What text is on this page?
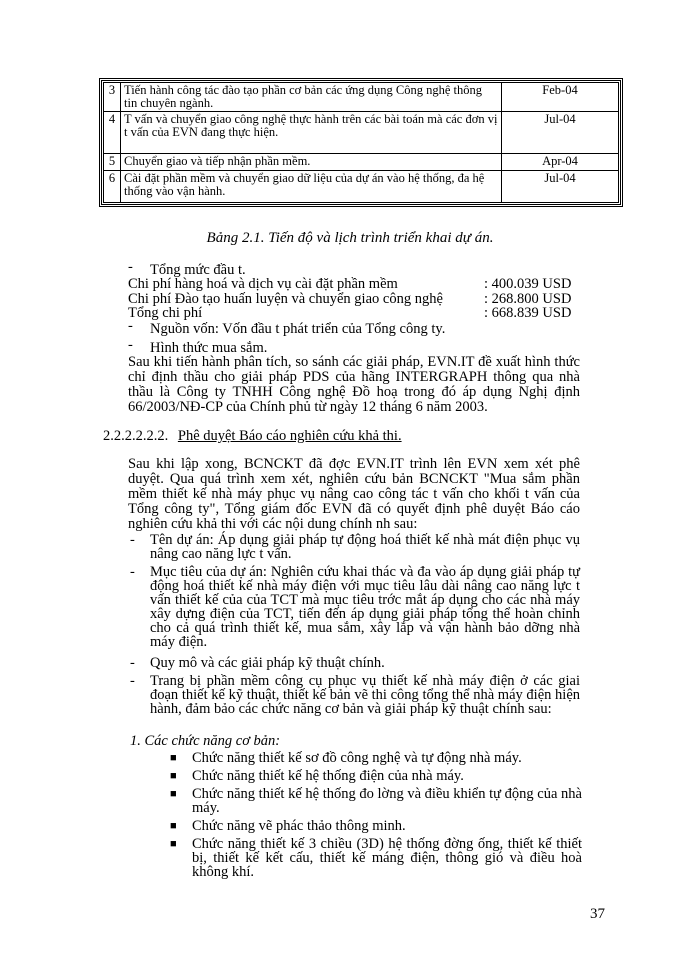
3	Tiến hành công tác đào tạo phần cơ bản các ứng dụng Công nghệ thông tin chuyên ngành.	Feb-04
4	T vấn và chuyển giao công nghệ thực hành trên các bài toán mà các đơn vị t vấn của EVN đang thực hiện.	Jul-04
5	Chuyển giao và tiếp nhận phần mềm.	Apr-04
6	Cài đặt phần mềm và chuyển giao dữ liệu của dự án vào hệ thống, đa hệ thống vào vận hành.	Jul-04
Bảng 2.1. Tiến độ và lịch trình triển khai dự án.
- Tổng mức đầu t.
Chi phí hàng hoá và dịch vụ cài đặt phần mềm	: 400.039 USD
Chi phí Đào tạo huấn luyện và chuyển giao công nghệ	: 268.800 USD
Tổng chi phí	: 668.839 USD
- Nguồn vốn: Vốn đầu t phát triển của Tổng công ty.
- Hình thức mua sắm.
Sau khi tiến hành phân tích, so sánh các giải pháp, EVN.IT đề xuất hình thức chỉ định thầu cho giải pháp PDS của hãng INTERGRAPH thông qua nhà thầu là Công ty TNHH Công nghệ Đồ hoạ trong đó áp dụng Nghị định 66/2003/NĐ-CP của Chính phủ từ ngày 12 tháng 6 năm 2003.
2.2.2.2.2.2. Phê duyệt Báo cáo nghiên cứu khả thi.
Sau khi lập xong, BCNCKT đã đợc EVN.IT trình lên EVN xem xét phê duyệt. Qua quá trình xem xét, nghiên cứu bản BCNCKT "Mua sắm phần mềm thiết kế nhà máy phục vụ nâng cao công tác t vấn cho khối t vấn của Tổng công ty", Tổng giám đốc EVN đã có quyết định phê duyệt Báo cáo nghiên cứu khả thi với các nội dung chính nh sau:
- Tên dự án: Áp dụng giải pháp tự động hoá thiết kế nhà mát điện phục vụ nâng cao năng lực t vấn.
- Mục tiêu của dự án: Nghiên cứu khai thác và đa vào áp dụng giải pháp tự động hoá thiết kế nhà máy điện với mục tiêu lâu dài nâng cao năng lực t vấn thiết kế của của TCT mà mục tiêu trớc mắt áp dụng cho các nhà máy xây dựng điện của TCT, tiến đến áp dụng giải pháp tổng thể hoàn chỉnh cho cả quá trình thiết kế, mua sắm, xây lắp và vận hành bảo dỡng nhà máy điện.
- Quy mô và các giải pháp kỹ thuật chính.
- Trang bị phần mềm công cụ phục vụ thiết kế nhà máy điện ở các giai đoạn thiết kế kỹ thuật, thiết kế bản vẽ thi công tổng thể nhà máy điện hiện hành, đảm bảo các chức năng cơ bản và giải pháp kỹ thuật chính sau:
1. Các chức năng cơ bản:
■ Chức năng thiết kế sơ đồ công nghệ và tự động nhà máy.
■ Chức năng thiết kế hệ thống điện của nhà máy.
■ Chức năng thiết kế hệ thống đo lờng và điều khiển tự động của nhà máy.
■ Chức năng vẽ phác thảo thông minh.
■ Chức năng thiết kế 3 chiều (3D) hệ thống đờng ống, thiết kế thiết bị, thiết kế kết cấu, thiết kế máng điện, thông gió và điều hoà không khí.
37
